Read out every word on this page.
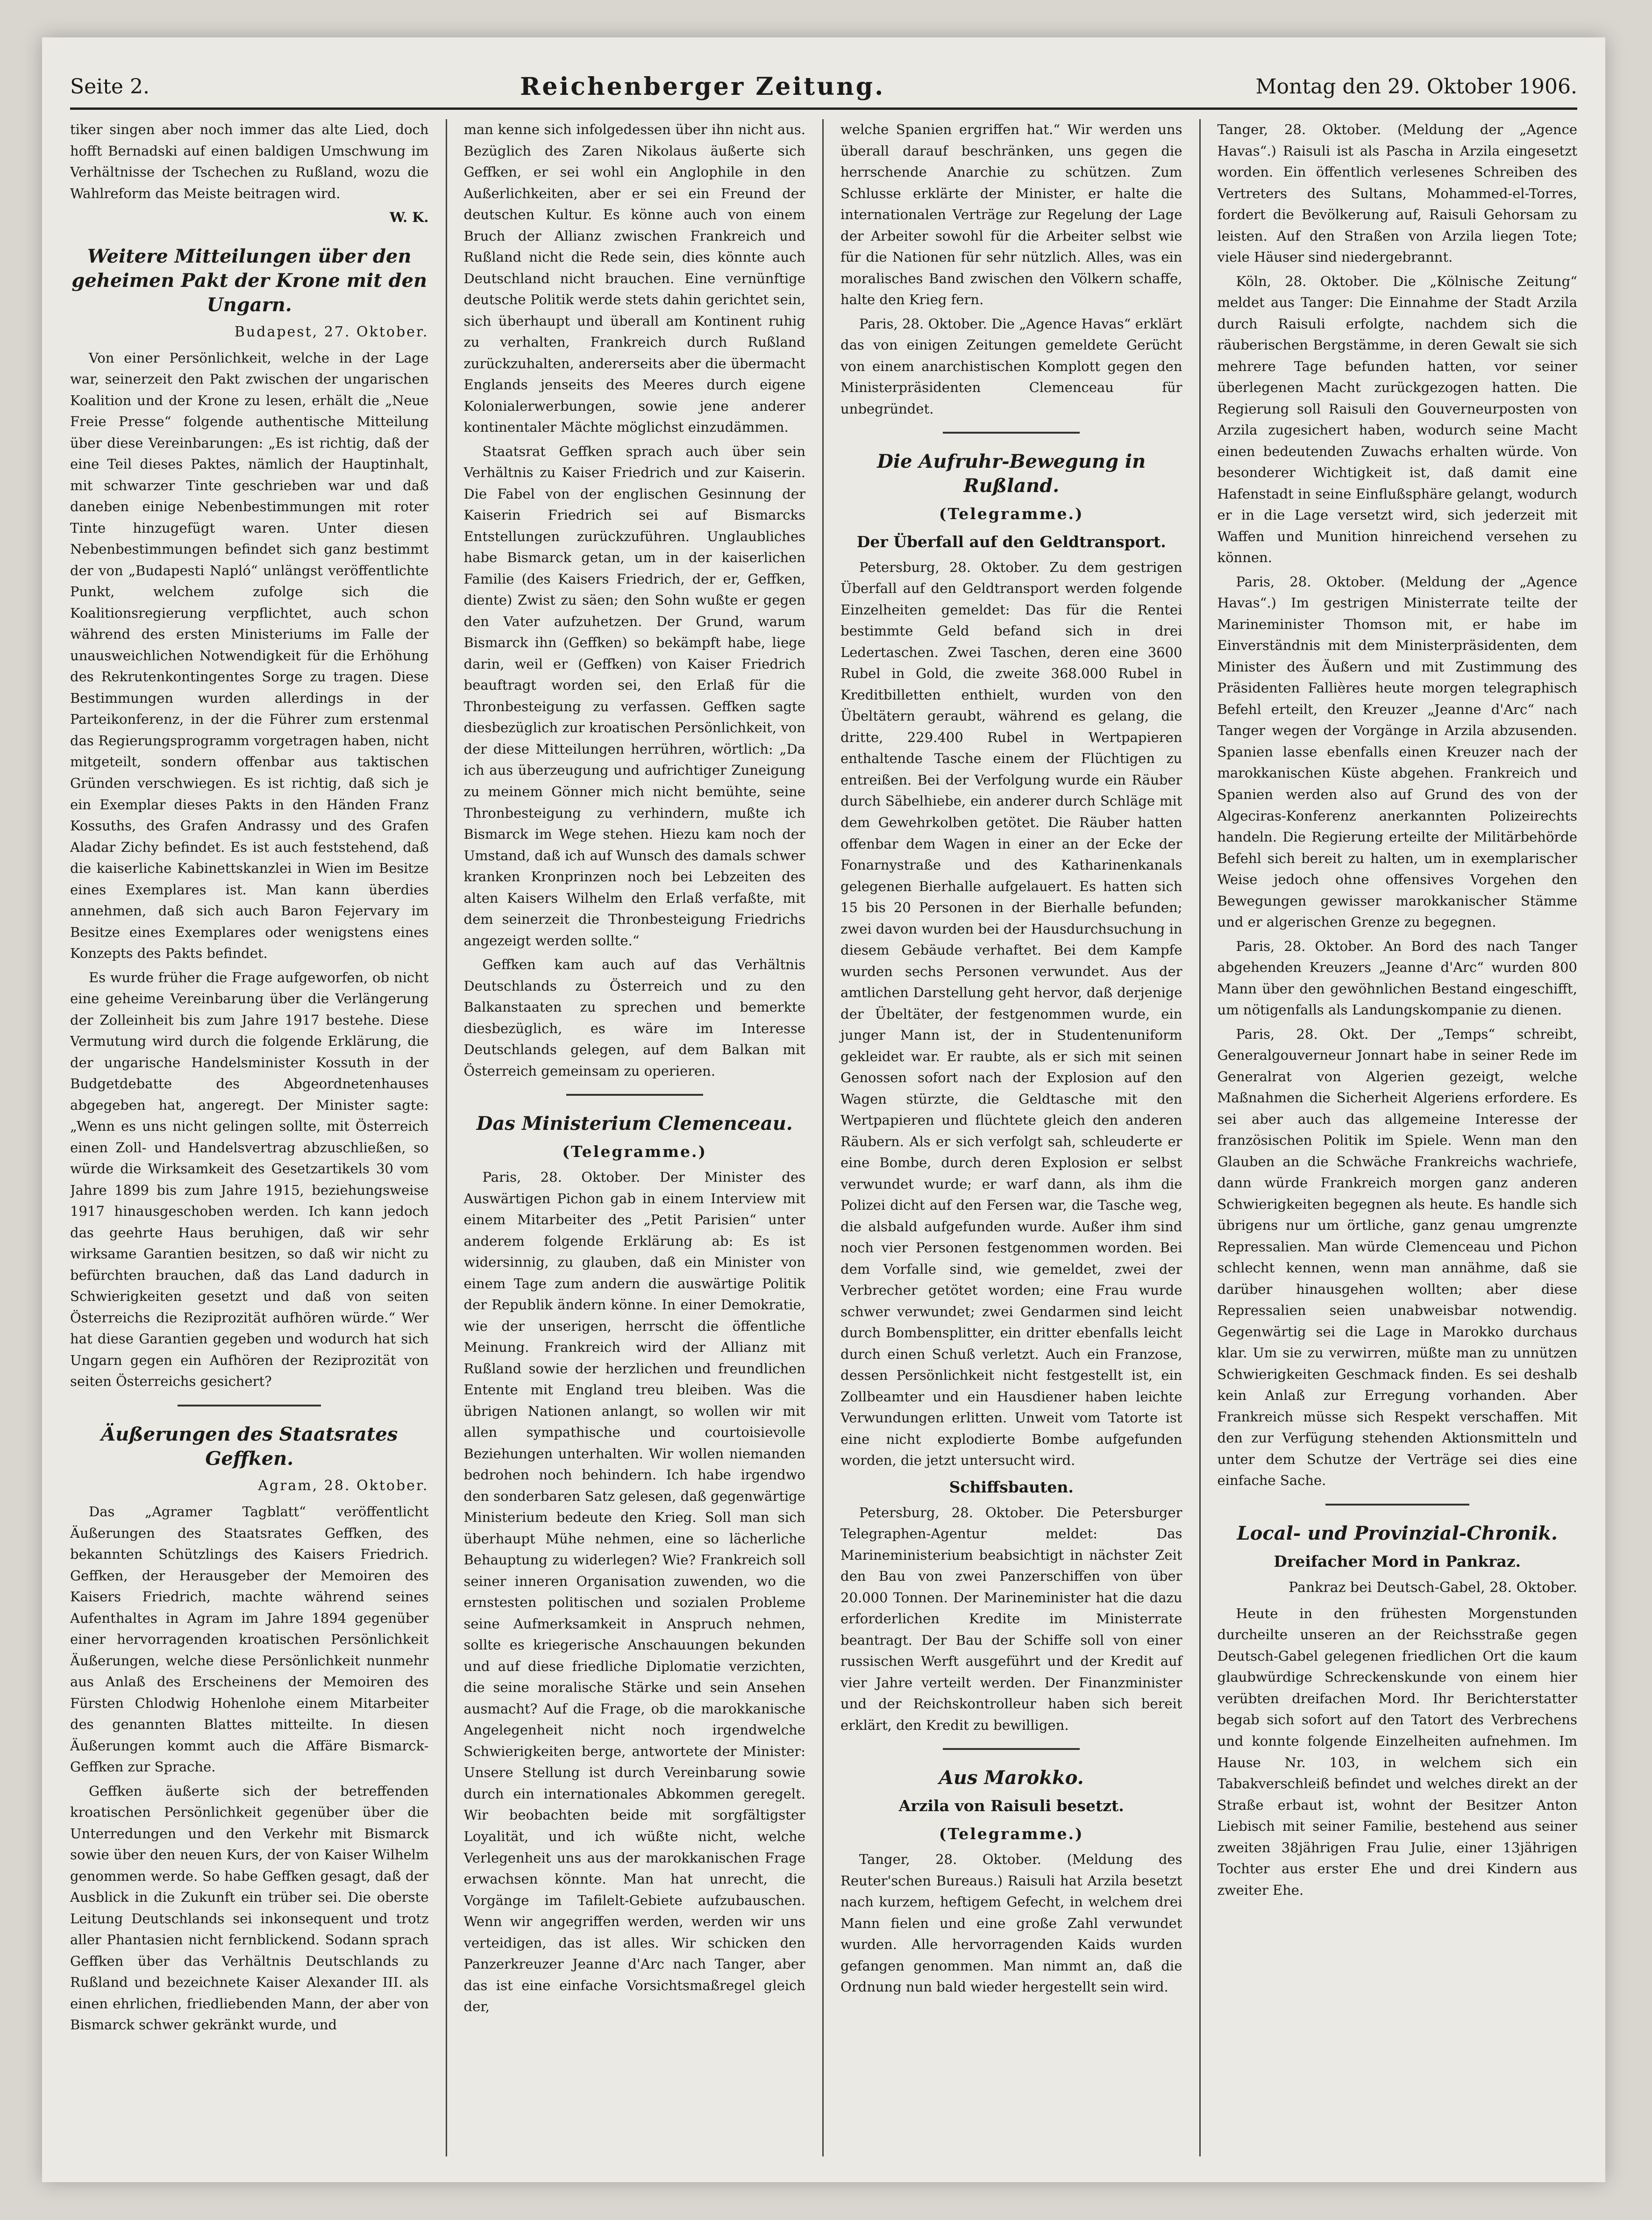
Seite 2.	Reichenberger Zeitung.	Montag den 29. Oktober 1906.

tiker singen aber noch immer das alte Lied, doch hofft Bernadski auf einen baldigen Umschwung im Verhältnisse der Tschechen zu Rußland, wozu die Wahlreform das Meiste beitragen wird.

W. K.
Weitere Mitteilungen über den geheimen Pakt der Krone mit den Ungarn.
Budapest, 27. Oktober.

Von einer Persönlichkeit, welche in der Lage war, seinerzeit den Pakt zwischen der ungarischen Koalition und der Krone zu lesen, erhält die „Neue Freie Presse“ folgende authentische Mitteilung über diese Vereinbarungen: „Es ist richtig, daß der eine Teil dieses Paktes, nämlich der Hauptinhalt, mit schwarzer Tinte geschrieben war und daß daneben einige Nebenbestimmungen mit roter Tinte hinzugefügt waren. Unter diesen Nebenbestimmungen befindet sich ganz bestimmt der von „Budapesti Napló“ unlängst veröffentlichte Punkt, welchem zufolge sich die Koalitionsregierung verpflichtet, auch schon während des ersten Ministeriums im Falle der unausweichlichen Notwendigkeit für die Erhöhung des Rekrutenkontingentes Sorge zu tragen. Diese Bestimmungen wurden allerdings in der Parteikonferenz, in der die Führer zum erstenmal das Regierungsprogramm vorgetragen haben, nicht mitgeteilt, sondern offenbar aus taktischen Gründen verschwiegen. Es ist richtig, daß sich je ein Exemplar dieses Pakts in den Händen Franz Kossuths, des Grafen Andrassy und des Grafen Aladar Zichy befindet. Es ist auch feststehend, daß die kaiserliche Kabinettskanzlei in Wien im Besitze eines Exemplares ist. Man kann überdies annehmen, daß sich auch Baron Fejervary im Besitze eines Exemplares oder wenigstens eines Konzepts des Pakts befindet.

Es wurde früher die Frage aufgeworfen, ob nicht eine geheime Vereinbarung über die Verlängerung der Zolleinheit bis zum Jahre 1917 bestehe. Diese Vermutung wird durch die folgende Erklärung, die der ungarische Handelsminister Kossuth in der Budgetdebatte des Abgeordnetenhauses abgegeben hat, angeregt. Der Minister sagte: „Wenn es uns nicht gelingen sollte, mit Österreich einen Zoll- und Handelsvertrag abzuschließen, so würde die Wirksamkeit des Gesetzartikels 30 vom Jahre 1899 bis zum Jahre 1915, beziehungsweise 1917 hinausgeschoben werden. Ich kann jedoch das geehrte Haus beruhigen, daß wir sehr wirksame Garantien besitzen, so daß wir nicht zu befürchten brauchen, daß das Land dadurch in Schwierigkeiten gesetzt und daß von seiten Österreichs die Reziprozität aufhören würde.“ Wer hat diese Garantien gegeben und wodurch hat sich Ungarn gegen ein Aufhören der Reziprozität von seiten Österreichs gesichert?

Äußerungen des Staatsrates Geffken.
Agram, 28. Oktober.

Das „Agramer Tagblatt“ veröffentlicht Äußerungen des Staatsrates Geffken, des bekannten Schützlings des Kaisers Friedrich. Geffken, der Herausgeber der Memoiren des Kaisers Friedrich, machte während seines Aufenthaltes in Agram im Jahre 1894 gegenüber einer hervorragenden kroatischen Persönlichkeit Äußerungen, welche diese Persönlichkeit nunmehr aus Anlaß des Erscheinens der Memoiren des Fürsten Chlodwig Hohenlohe einem Mitarbeiter des genannten Blattes mitteilte. In diesen Äußerungen kommt auch die Affäre Bismarck-Geffken zur Sprache.

Geffken äußerte sich der betreffenden kroatischen Persönlichkeit gegenüber über die Unterredungen und den Verkehr mit Bismarck sowie über den neuen Kurs, der von Kaiser Wilhelm genommen werde. So habe Geffken gesagt, daß der Ausblick in die Zukunft ein trüber sei. Die oberste Leitung Deutschlands sei inkonsequent und trotz aller Phantasien nicht fernblickend. Sodann sprach Geffken über das Verhältnis Deutschlands zu Rußland und bezeichnete Kaiser Alexander III. als einen ehrlichen, friedliebenden Mann, der aber von Bismarck schwer gekränkt wurde, und

man kenne sich infolgedessen über ihn nicht aus. Bezüglich des Zaren Nikolaus äußerte sich Geffken, er sei wohl ein Anglophile in den Außerlichkeiten, aber er sei ein Freund der deutschen Kultur. Es könne auch von einem Bruch der Allianz zwischen Frankreich und Rußland nicht die Rede sein, dies könnte auch Deutschland nicht brauchen. Eine vernünftige deutsche Politik werde stets dahin gerichtet sein, sich überhaupt und überall am Kontinent ruhig zu verhalten, Frankreich durch Rußland zurückzuhalten, andererseits aber die übermacht Englands jenseits des Meeres durch eigene Kolonialerwerbungen, sowie jene anderer kontinentaler Mächte möglichst einzudämmen.

Staatsrat Geffken sprach auch über sein Verhältnis zu Kaiser Friedrich und zur Kaiserin. Die Fabel von der englischen Gesinnung der Kaiserin Friedrich sei auf Bismarcks Entstellungen zurückzuführen. Unglaubliches habe Bismarck getan, um in der kaiserlichen Familie (des Kaisers Friedrich, der er, Geffken, diente) Zwist zu säen; den Sohn wußte er gegen den Vater aufzuhetzen. Der Grund, warum Bismarck ihn (Geffken) so bekämpft habe, liege darin, weil er (Geffken) von Kaiser Friedrich beauftragt worden sei, den Erlaß für die Thronbesteigung zu verfassen. Geffken sagte diesbezüglich zur kroatischen Persönlichkeit, von der diese Mitteilungen herrühren, wörtlich: „Da ich aus überzeugung und aufrichtiger Zuneigung zu meinem Gönner mich nicht bemühte, seine Thronbesteigung zu verhindern, mußte ich Bismarck im Wege stehen. Hiezu kam noch der Umstand, daß ich auf Wunsch des damals schwer kranken Kronprinzen noch bei Lebzeiten des alten Kaisers Wilhelm den Erlaß verfaßte, mit dem seinerzeit die Thronbesteigung Friedrichs angezeigt werden sollte.“

Geffken kam auch auf das Verhältnis Deutschlands zu Österreich und zu den Balkanstaaten zu sprechen und bemerkte diesbezüglich, es wäre im Interesse Deutschlands gelegen, auf dem Balkan mit Österreich gemeinsam zu operieren.

Das Ministerium Clemenceau.
(Telegramme.)

Paris, 28. Oktober. Der Minister des Auswärtigen Pichon gab in einem Interview mit einem Mitarbeiter des „Petit Parisien“ unter anderem folgende Erklärung ab: Es ist widersinnig, zu glauben, daß ein Minister von einem Tage zum andern die auswärtige Politik der Republik ändern könne. In einer Demokratie, wie der unserigen, herrscht die öffentliche Meinung. Frankreich wird der Allianz mit Rußland sowie der herzlichen und freundlichen Entente mit England treu bleiben. Was die übrigen Nationen anlangt, so wollen wir mit allen sympathische und courtoisievolle Beziehungen unterhalten. Wir wollen niemanden bedrohen noch behindern. Ich habe irgendwo den sonderbaren Satz gelesen, daß gegenwärtige Ministerium bedeute den Krieg. Soll man sich überhaupt Mühe nehmen, eine so lächerliche Behauptung zu widerlegen? Wie? Frankreich soll seiner inneren Organisation zuwenden, wo die ernstesten politischen und sozialen Probleme seine Aufmerksamkeit in Anspruch nehmen, sollte es kriegerische Anschauungen bekunden und auf diese friedliche Diplomatie verzichten, die seine moralische Stärke und sein Ansehen ausmacht? Auf die Frage, ob die marokkanische Angelegenheit nicht noch irgendwelche Schwierigkeiten berge, antwortete der Minister: Unsere Stellung ist durch Vereinbarung sowie durch ein internationales Abkommen geregelt. Wir beobachten beide mit sorgfältigster Loyalität, und ich wüßte nicht, welche Verlegenheit uns aus der marokkanischen Frage erwachsen könnte. Man hat unrecht, die Vorgänge im Tafilelt-Gebiete aufzubauschen. Wenn wir angegriffen werden, werden wir uns verteidigen, das ist alles. Wir schicken den Panzerkreuzer Jeanne d'Arc nach Tanger, aber das ist eine einfache Vorsichtsmaßregel gleich der,

welche Spanien ergriffen hat.“ Wir werden uns überall darauf beschränken, uns gegen die herrschende Anarchie zu schützen. Zum Schlusse erklärte der Minister, er halte die internationalen Verträge zur Regelung der Lage der Arbeiter sowohl für die Arbeiter selbst wie für die Nationen für sehr nützlich. Alles, was ein moralisches Band zwischen den Völkern schaffe, halte den Krieg fern.

Paris, 28. Oktober. Die „Agence Havas“ erklärt das von einigen Zeitungen gemeldete Gerücht von einem anarchistischen Komplott gegen den Ministerpräsidenten Clemenceau für unbegründet.

Die Aufruhr-Bewegung in Rußland.
(Telegramme.)
Der Überfall auf den Geldtransport.

Petersburg, 28. Oktober. Zu dem gestrigen Überfall auf den Geldtransport werden folgende Einzelheiten gemeldet: Das für die Rentei bestimmte Geld befand sich in drei Ledertaschen. Zwei Taschen, deren eine 3600 Rubel in Gold, die zweite 368.000 Rubel in Kreditbilletten enthielt, wurden von den Übeltätern geraubt, während es gelang, die dritte, 229.400 Rubel in Wertpapieren enthaltende Tasche einem der Flüchtigen zu entreißen. Bei der Verfolgung wurde ein Räuber durch Säbelhiebe, ein anderer durch Schläge mit dem Gewehrkolben getötet. Die Räuber hatten offenbar dem Wagen in einer an der Ecke der Fonarnystraße und des Katharinenkanals gelegenen Bierhalle aufgelauert. Es hatten sich 15 bis 20 Personen in der Bierhalle befunden; zwei davon wurden bei der Hausdurchsuchung in diesem Gebäude verhaftet. Bei dem Kampfe wurden sechs Personen verwundet. Aus der amtlichen Darstellung geht hervor, daß derjenige der Übeltäter, der festgenommen wurde, ein junger Mann ist, der in Studentenuniform gekleidet war. Er raubte, als er sich mit seinen Genossen sofort nach der Explosion auf den Wagen stürzte, die Geldtasche mit den Wertpapieren und flüchtete gleich den anderen Räubern. Als er sich verfolgt sah, schleuderte er eine Bombe, durch deren Explosion er selbst verwundet wurde; er warf dann, als ihm die Polizei dicht auf den Fersen war, die Tasche weg, die alsbald aufgefunden wurde. Außer ihm sind noch vier Personen festgenommen worden. Bei dem Vorfalle sind, wie gemeldet, zwei der Verbrecher getötet worden; eine Frau wurde schwer verwundet; zwei Gendarmen sind leicht durch Bombensplitter, ein dritter ebenfalls leicht durch einen Schuß verletzt. Auch ein Franzose, dessen Persönlichkeit nicht festgestellt ist, ein Zollbeamter und ein Hausdiener haben leichte Verwundungen erlitten. Unweit vom Tatorte ist eine nicht explodierte Bombe aufgefunden worden, die jetzt untersucht wird.

Schiffsbauten.

Petersburg, 28. Oktober. Die Petersburger Telegraphen-Agentur meldet: Das Marineministerium beabsichtigt in nächster Zeit den Bau von zwei Panzerschiffen von über 20.000 Tonnen. Der Marineminister hat die dazu erforderlichen Kredite im Ministerrate beantragt. Der Bau der Schiffe soll von einer russischen Werft ausgeführt und der Kredit auf vier Jahre verteilt werden. Der Finanzminister und der Reichskontrolleur haben sich bereit erklärt, den Kredit zu bewilligen.

Aus Marokko.
Arzila von Raisuli besetzt.
(Telegramme.)

Tanger, 28. Oktober. (Meldung des Reuter'schen Bureaus.) Raisuli hat Arzila besetzt nach kurzem, heftigem Gefecht, in welchem drei Mann fielen und eine große Zahl verwundet wurden. Alle hervorragenden Kaids wurden gefangen genommen. Man nimmt an, daß die Ordnung nun bald wieder hergestellt sein wird.

Tanger, 28. Oktober. (Meldung der „Agence Havas“.) Raisuli ist als Pascha in Arzila eingesetzt worden. Ein öffentlich verlesenes Schreiben des Vertreters des Sultans, Mohammed-el-Torres, fordert die Bevölkerung auf, Raisuli Gehorsam zu leisten. Auf den Straßen von Arzila liegen Tote; viele Häuser sind niedergebrannt.

Köln, 28. Oktober. Die „Kölnische Zeitung“ meldet aus Tanger: Die Einnahme der Stadt Arzila durch Raisuli erfolgte, nachdem sich die räuberischen Bergstämme, in deren Gewalt sie sich mehrere Tage befunden hatten, vor seiner überlegenen Macht zurückgezogen hatten. Die Regierung soll Raisuli den Gouverneurposten von Arzila zugesichert haben, wodurch seine Macht einen bedeutenden Zuwachs erhalten würde. Von besonderer Wichtigkeit ist, daß damit eine Hafenstadt in seine Einflußsphäre gelangt, wodurch er in die Lage versetzt wird, sich jederzeit mit Waffen und Munition hinreichend versehen zu können.

Paris, 28. Oktober. (Meldung der „Agence Havas“.) Im gestrigen Ministerrate teilte der Marineminister Thomson mit, er habe im Einverständnis mit dem Ministerpräsidenten, dem Minister des Äußern und mit Zustimmung des Präsidenten Fallières heute morgen telegraphisch Befehl erteilt, den Kreuzer „Jeanne d'Arc“ nach Tanger wegen der Vorgänge in Arzila abzusenden. Spanien lasse ebenfalls einen Kreuzer nach der marokkanischen Küste abgehen. Frankreich und Spanien werden also auf Grund des von der Algeciras-Konferenz anerkannten Polizeirechts handeln. Die Regierung erteilte der Militärbehörde Befehl sich bereit zu halten, um in exemplarischer Weise jedoch ohne offensives Vorgehen den Bewegungen gewisser marokkanischer Stämme und er algerischen Grenze zu begegnen.

Paris, 28. Oktober. An Bord des nach Tanger abgehenden Kreuzers „Jeanne d'Arc“ wurden 800 Mann über den gewöhnlichen Bestand eingeschifft, um nötigenfalls als Landungskompanie zu dienen.

Paris, 28. Okt. Der „Temps“ schreibt, Generalgouverneur Jonnart habe in seiner Rede im Generalrat von Algerien gezeigt, welche Maßnahmen die Sicherheit Algeriens erfordere. Es sei aber auch das allgemeine Interesse der französischen Politik im Spiele. Wenn man den Glauben an die Schwäche Frankreichs wachriefe, dann würde Frankreich morgen ganz anderen Schwierigkeiten begegnen als heute. Es handle sich übrigens nur um örtliche, ganz genau umgrenzte Repressalien. Man würde Clemenceau und Pichon schlecht kennen, wenn man annähme, daß sie darüber hinausgehen wollten; aber diese Repressalien seien unabweisbar notwendig. Gegenwärtig sei die Lage in Marokko durchaus klar. Um sie zu verwirren, müßte man zu unnützen Schwierigkeiten Geschmack finden. Es sei deshalb kein Anlaß zur Erregung vorhanden. Aber Frankreich müsse sich Respekt verschaffen. Mit den zur Verfügung stehenden Aktionsmitteln und unter dem Schutze der Verträge sei dies eine einfache Sache.

Local- und Provinzial-Chronik.
Dreifacher Mord in Pankraz.
Pankraz bei Deutsch-Gabel, 28. Oktober.

Heute in den frühesten Morgenstunden durcheilte unseren an der Reichsstraße gegen Deutsch-Gabel gelegenen friedlichen Ort die kaum glaubwürdige Schreckenskunde von einem hier verübten dreifachen Mord. Ihr Berichterstatter begab sich sofort auf den Tatort des Verbrechens und konnte folgende Einzelheiten aufnehmen. Im Hause Nr. 103, in welchem sich ein Tabakverschleiß befindet und welches direkt an der Straße erbaut ist, wohnt der Besitzer Anton Liebisch mit seiner Familie, bestehend aus seiner zweiten 38jährigen Frau Julie, einer 13jährigen Tochter aus erster Ehe und drei Kindern aus zweiter Ehe.
